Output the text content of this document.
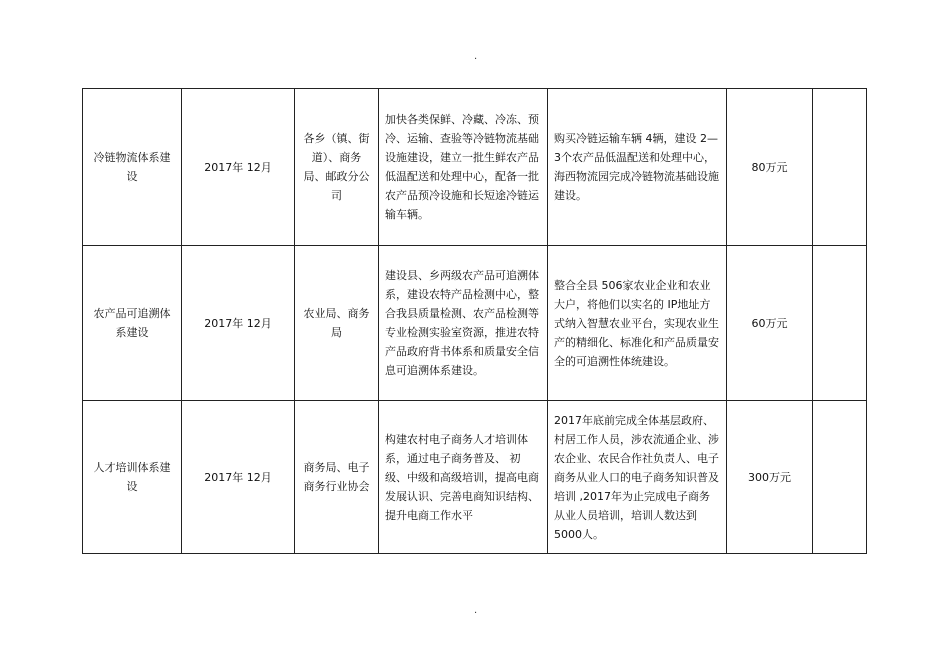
.
冷链物流体系建设	2017年 12月	各乡（镇、街道）、商务局、邮政分公司	加快各类保鲜、冷藏、冷冻、预冷、运输、查验等冷链物流基础设施建设，建立一批生鲜农产品低温配送和处理中心，配备一批农产品预冷设施和长短途冷链运输车辆。	购买冷链运输车辆 4辆，建设 2—3个农产品低温配送和处理中心，海西物流园完成冷链物流基础设施建设。	80万元	

农产品可追溯体系建设	2017年 12月	农业局、商务局	建设县、乡两级农产品可追溯体系，建设农特产品检测中心，整合我县质量检测、农产品检测等专业检测实验室资源，推进农特产品政府背书体系和质量安全信息可追溯体系建设。	整合全县 506家农业企业和农业大户，将他们以实名的 IP地址方式纳入智慧农业平台，实现农业生产的精细化、标准化和产品质量安全的可追溯性体统建设。	60万元	

人才培训体系建设	2017年 12月	商务局、电子商务行业协会	构建农村电子商务人才培训体系，通过电子商务普及、 初级、中级和高级培训，提高电商发展认识、完善电商知识结构、提升电商工作水平	2017年底前完成全体基层政府、村居工作人员，涉农流通企业、涉农企业、农民合作社负责人、电子商务从业人口的电子商务知识普及培训 ,2017年为止完成电子商务从业人员培训，培训人数达到 5000人。	300万元	
.
